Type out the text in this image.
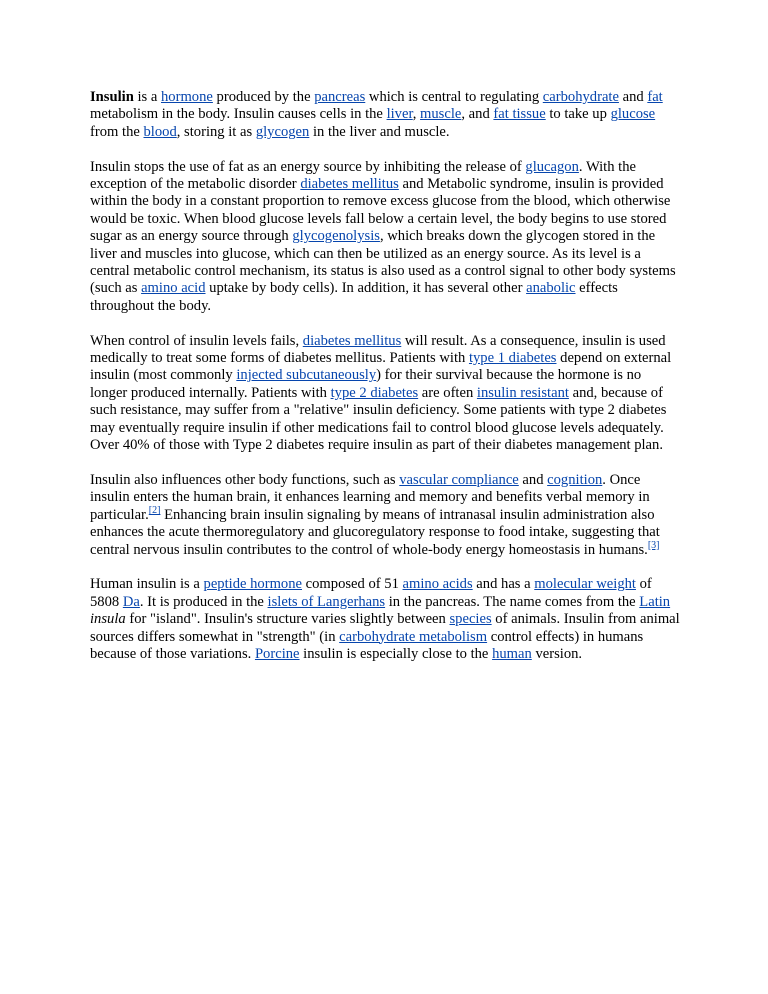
Insulin is a hormone produced by the pancreas which is central to regulating carbohydrate and fat metabolism in the body. Insulin causes cells in the liver, muscle, and fat tissue to take up glucose from the blood, storing it as glycogen in the liver and muscle.

Insulin stops the use of fat as an energy source by inhibiting the release of glucagon. With the exception of the metabolic disorder diabetes mellitus and Metabolic syndrome, insulin is provided within the body in a constant proportion to remove excess glucose from the blood, which otherwise would be toxic. When blood glucose levels fall below a certain level, the body begins to use stored sugar as an energy source through glycogenolysis, which breaks down the glycogen stored in the liver and muscles into glucose, which can then be utilized as an energy source. As its level is a central metabolic control mechanism, its status is also used as a control signal to other body systems (such as amino acid uptake by body cells). In addition, it has several other anabolic effects throughout the body.

When control of insulin levels fails, diabetes mellitus will result. As a consequence, insulin is used medically to treat some forms of diabetes mellitus. Patients with type 1 diabetes depend on external insulin (most commonly injected subcutaneously) for their survival because the hormone is no longer produced internally. Patients with type 2 diabetes are often insulin resistant and, because of such resistance, may suffer from a "relative" insulin deficiency. Some patients with type 2 diabetes may eventually require insulin if other medications fail to control blood glucose levels adequately. Over 40% of those with Type 2 diabetes require insulin as part of their diabetes management plan.

Insulin also influences other body functions, such as vascular compliance and cognition. Once insulin enters the human brain, it enhances learning and memory and benefits verbal memory in particular.[2] Enhancing brain insulin signaling by means of intranasal insulin administration also enhances the acute thermoregulatory and glucoregulatory response to food intake, suggesting that central nervous insulin contributes to the control of whole-body energy homeostasis in humans.[3]

Human insulin is a peptide hormone composed of 51 amino acids and has a molecular weight of 5808 Da. It is produced in the islets of Langerhans in the pancreas. The name comes from the Latin insula for "island". Insulin's structure varies slightly between species of animals. Insulin from animal sources differs somewhat in "strength" (in carbohydrate metabolism control effects) in humans because of those variations. Porcine insulin is especially close to the human version.
